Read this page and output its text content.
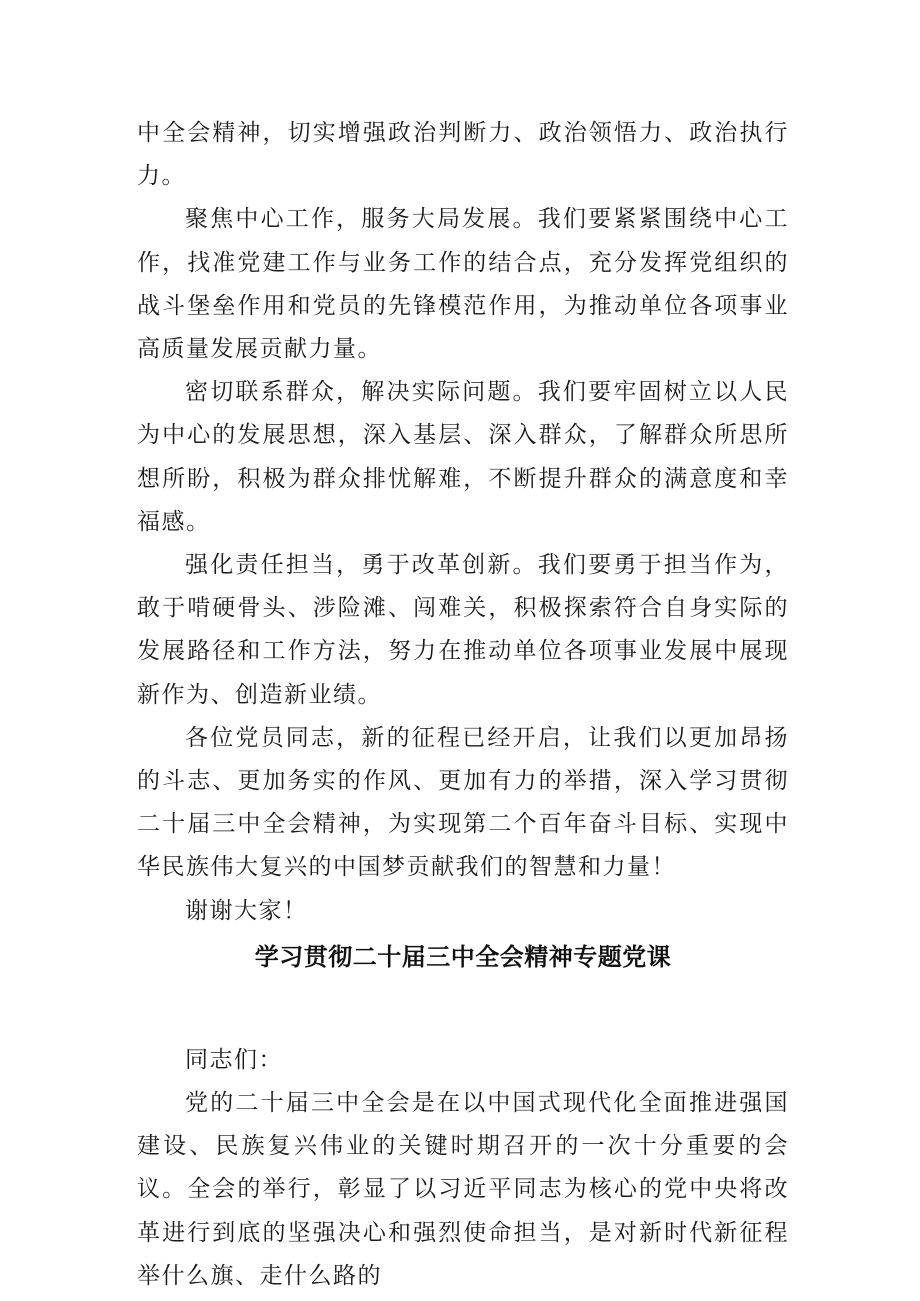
中全会精神，切实增强政治判断力、政治领悟力、政治执行力。

聚焦中心工作，服务大局发展。我们要紧紧围绕中心工作，找准党建工作与业务工作的结合点，充分发挥党组织的战斗堡垒作用和党员的先锋模范作用，为推动单位各项事业高质量发展贡献力量。

密切联系群众，解决实际问题。我们要牢固树立以人民为中心的发展思想，深入基层、深入群众，了解群众所思所想所盼，积极为群众排忧解难，不断提升群众的满意度和幸福感。

强化责任担当，勇于改革创新。我们要勇于担当作为，敢于啃硬骨头、涉险滩、闯难关，积极探索符合自身实际的发展路径和工作方法，努力在推动单位各项事业发展中展现新作为、创造新业绩。

各位党员同志，新的征程已经开启，让我们以更加昂扬的斗志、更加务实的作风、更加有力的举措，深入学习贯彻二十届三中全会精神，为实现第二个百年奋斗目标、实现中华民族伟大复兴的中国梦贡献我们的智慧和力量！

谢谢大家！

学习贯彻二十届三中全会精神专题党课

同志们：

党的二十届三中全会是在以中国式现代化全面推进强国建设、民族复兴伟业的关键时期召开的一次十分重要的会议。全会的举行，彰显了以习近平同志为核心的党中央将改革进行到底的坚强决心和强烈使命担当，是对新时代新征程举什么旗、走什么路的
